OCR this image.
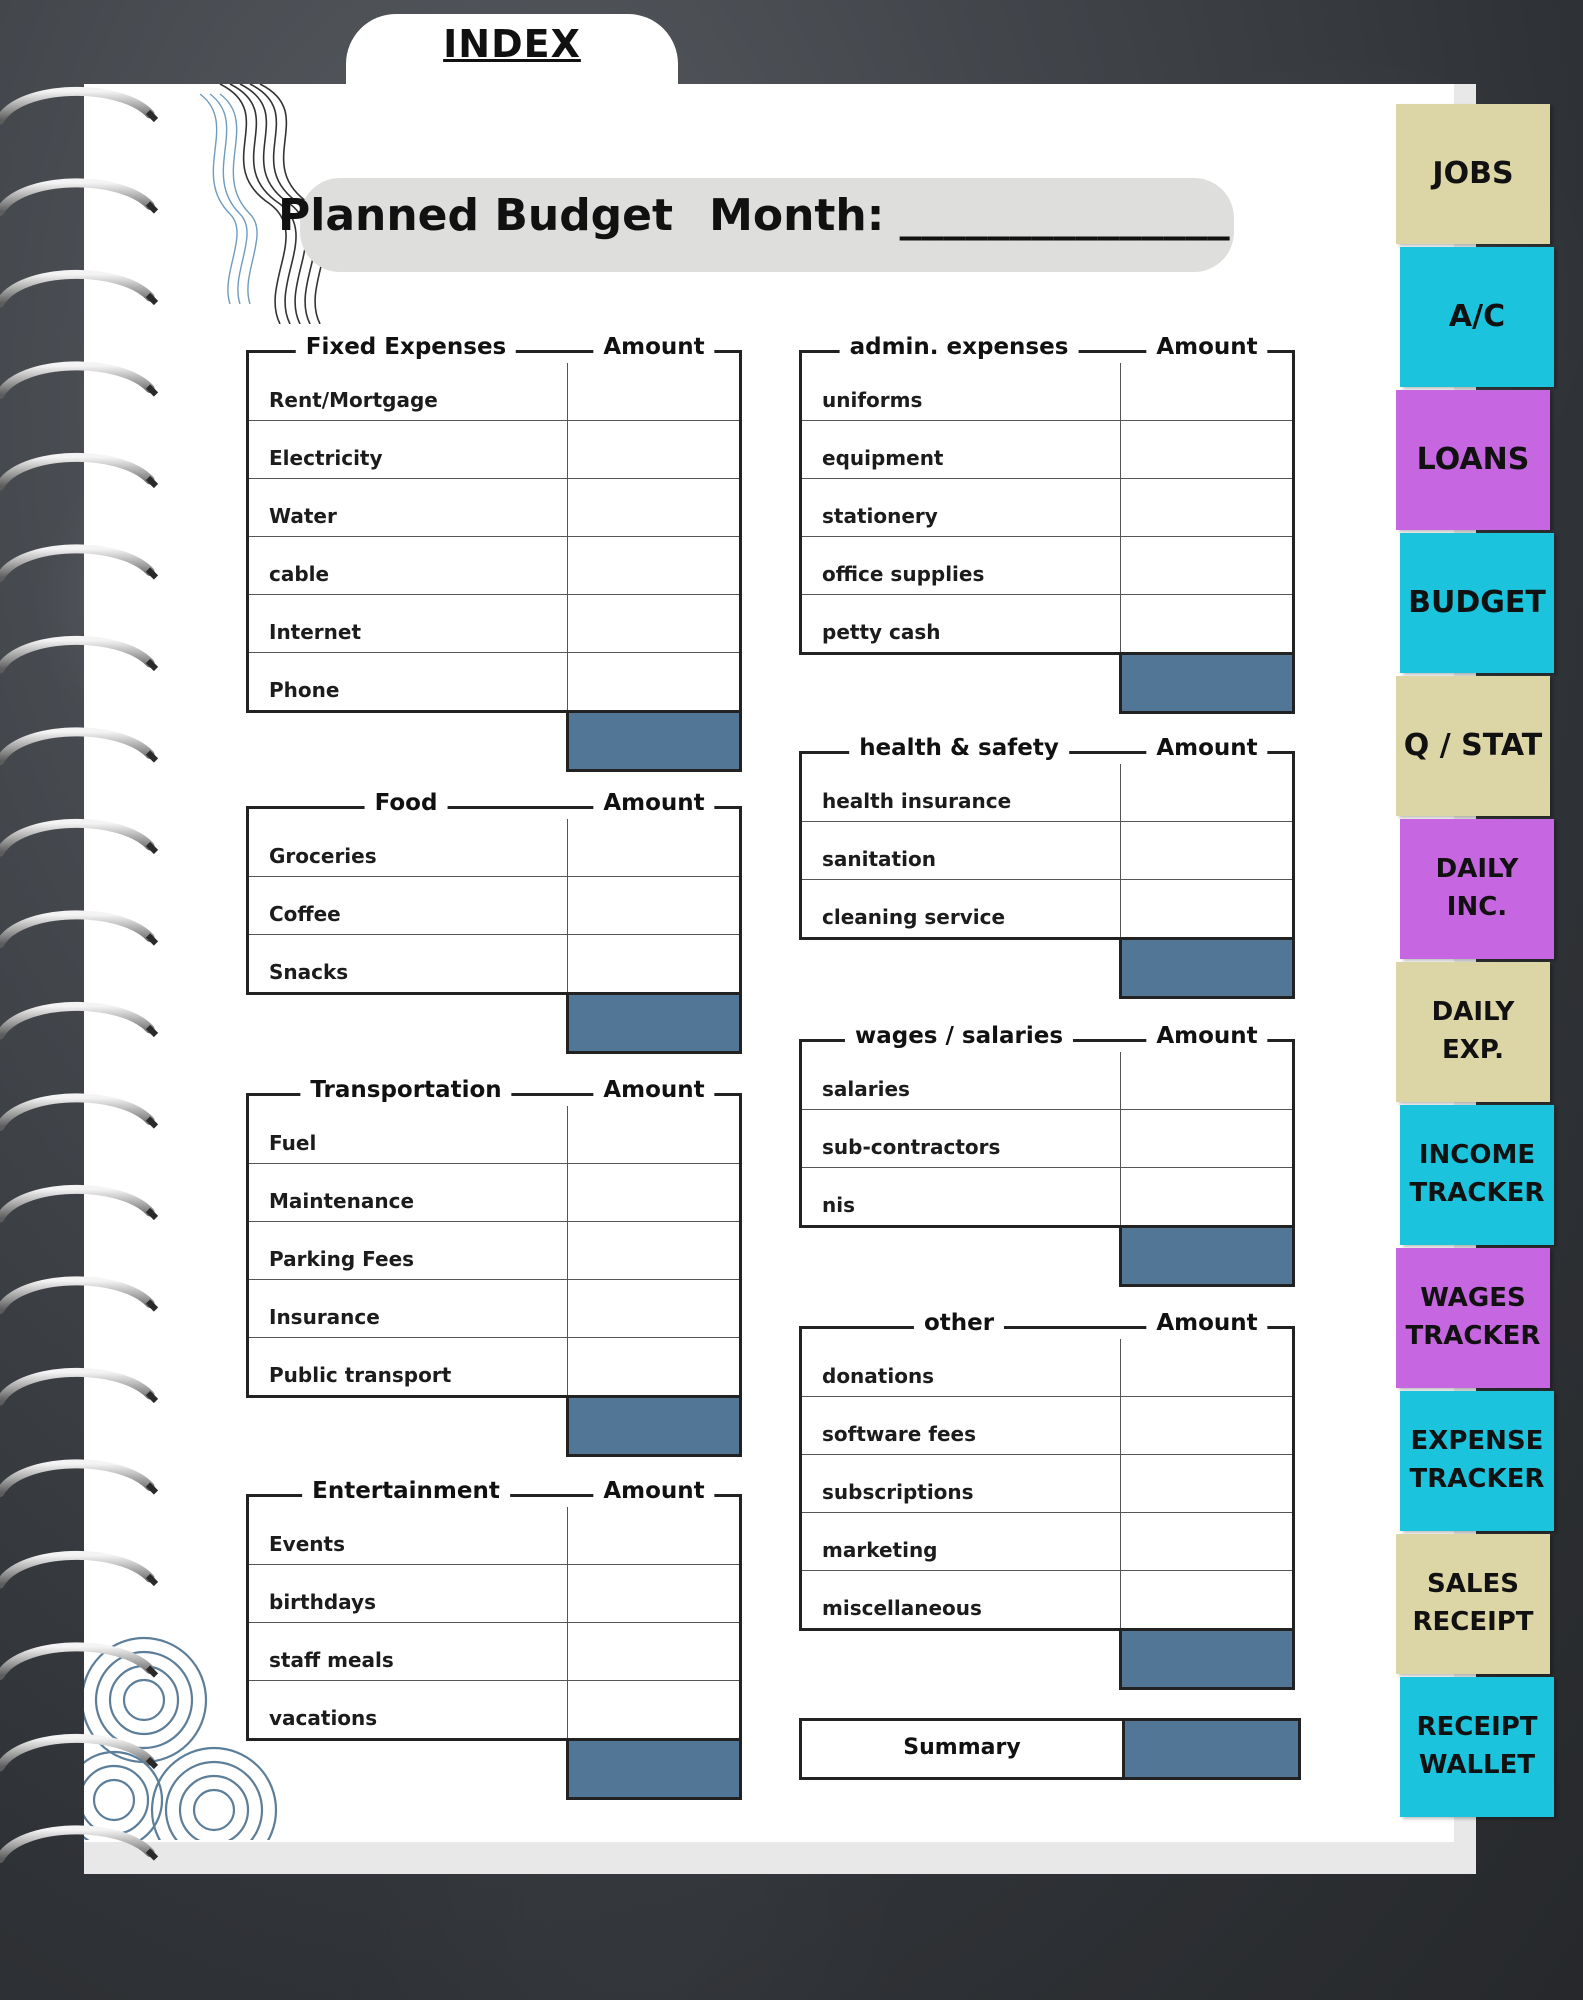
INDEX
Planned Budget Month: _______________
Fixed Expenses	Amount
Rent/Mortgage
Electricity
Water
cable
Internet
Phone
Food	Amount
Groceries
Coffee
Snacks
Transportation	Amount
Fuel
Maintenance
Parking Fees
Insurance
Public transport
Entertainment	Amount
Events
birthdays
staff meals
vacations
admin. expenses	Amount
uniforms
equipment
stationery
office supplies
petty cash
health & safety	Amount
health insurance
sanitation
cleaning service
wages / salaries	Amount
salaries
sub-contractors
nis
other	Amount
donations
software fees
subscriptions
marketing
miscellaneous
Summary
JOBS
A/C
LOANS
BUDGET
Q / STAT
DAILY
INC.
DAILY
EXP.
INCOME
TRACKER
WAGES
TRACKER
EXPENSE
TRACKER
SALES
RECEIPT
RECEIPT
WALLET
